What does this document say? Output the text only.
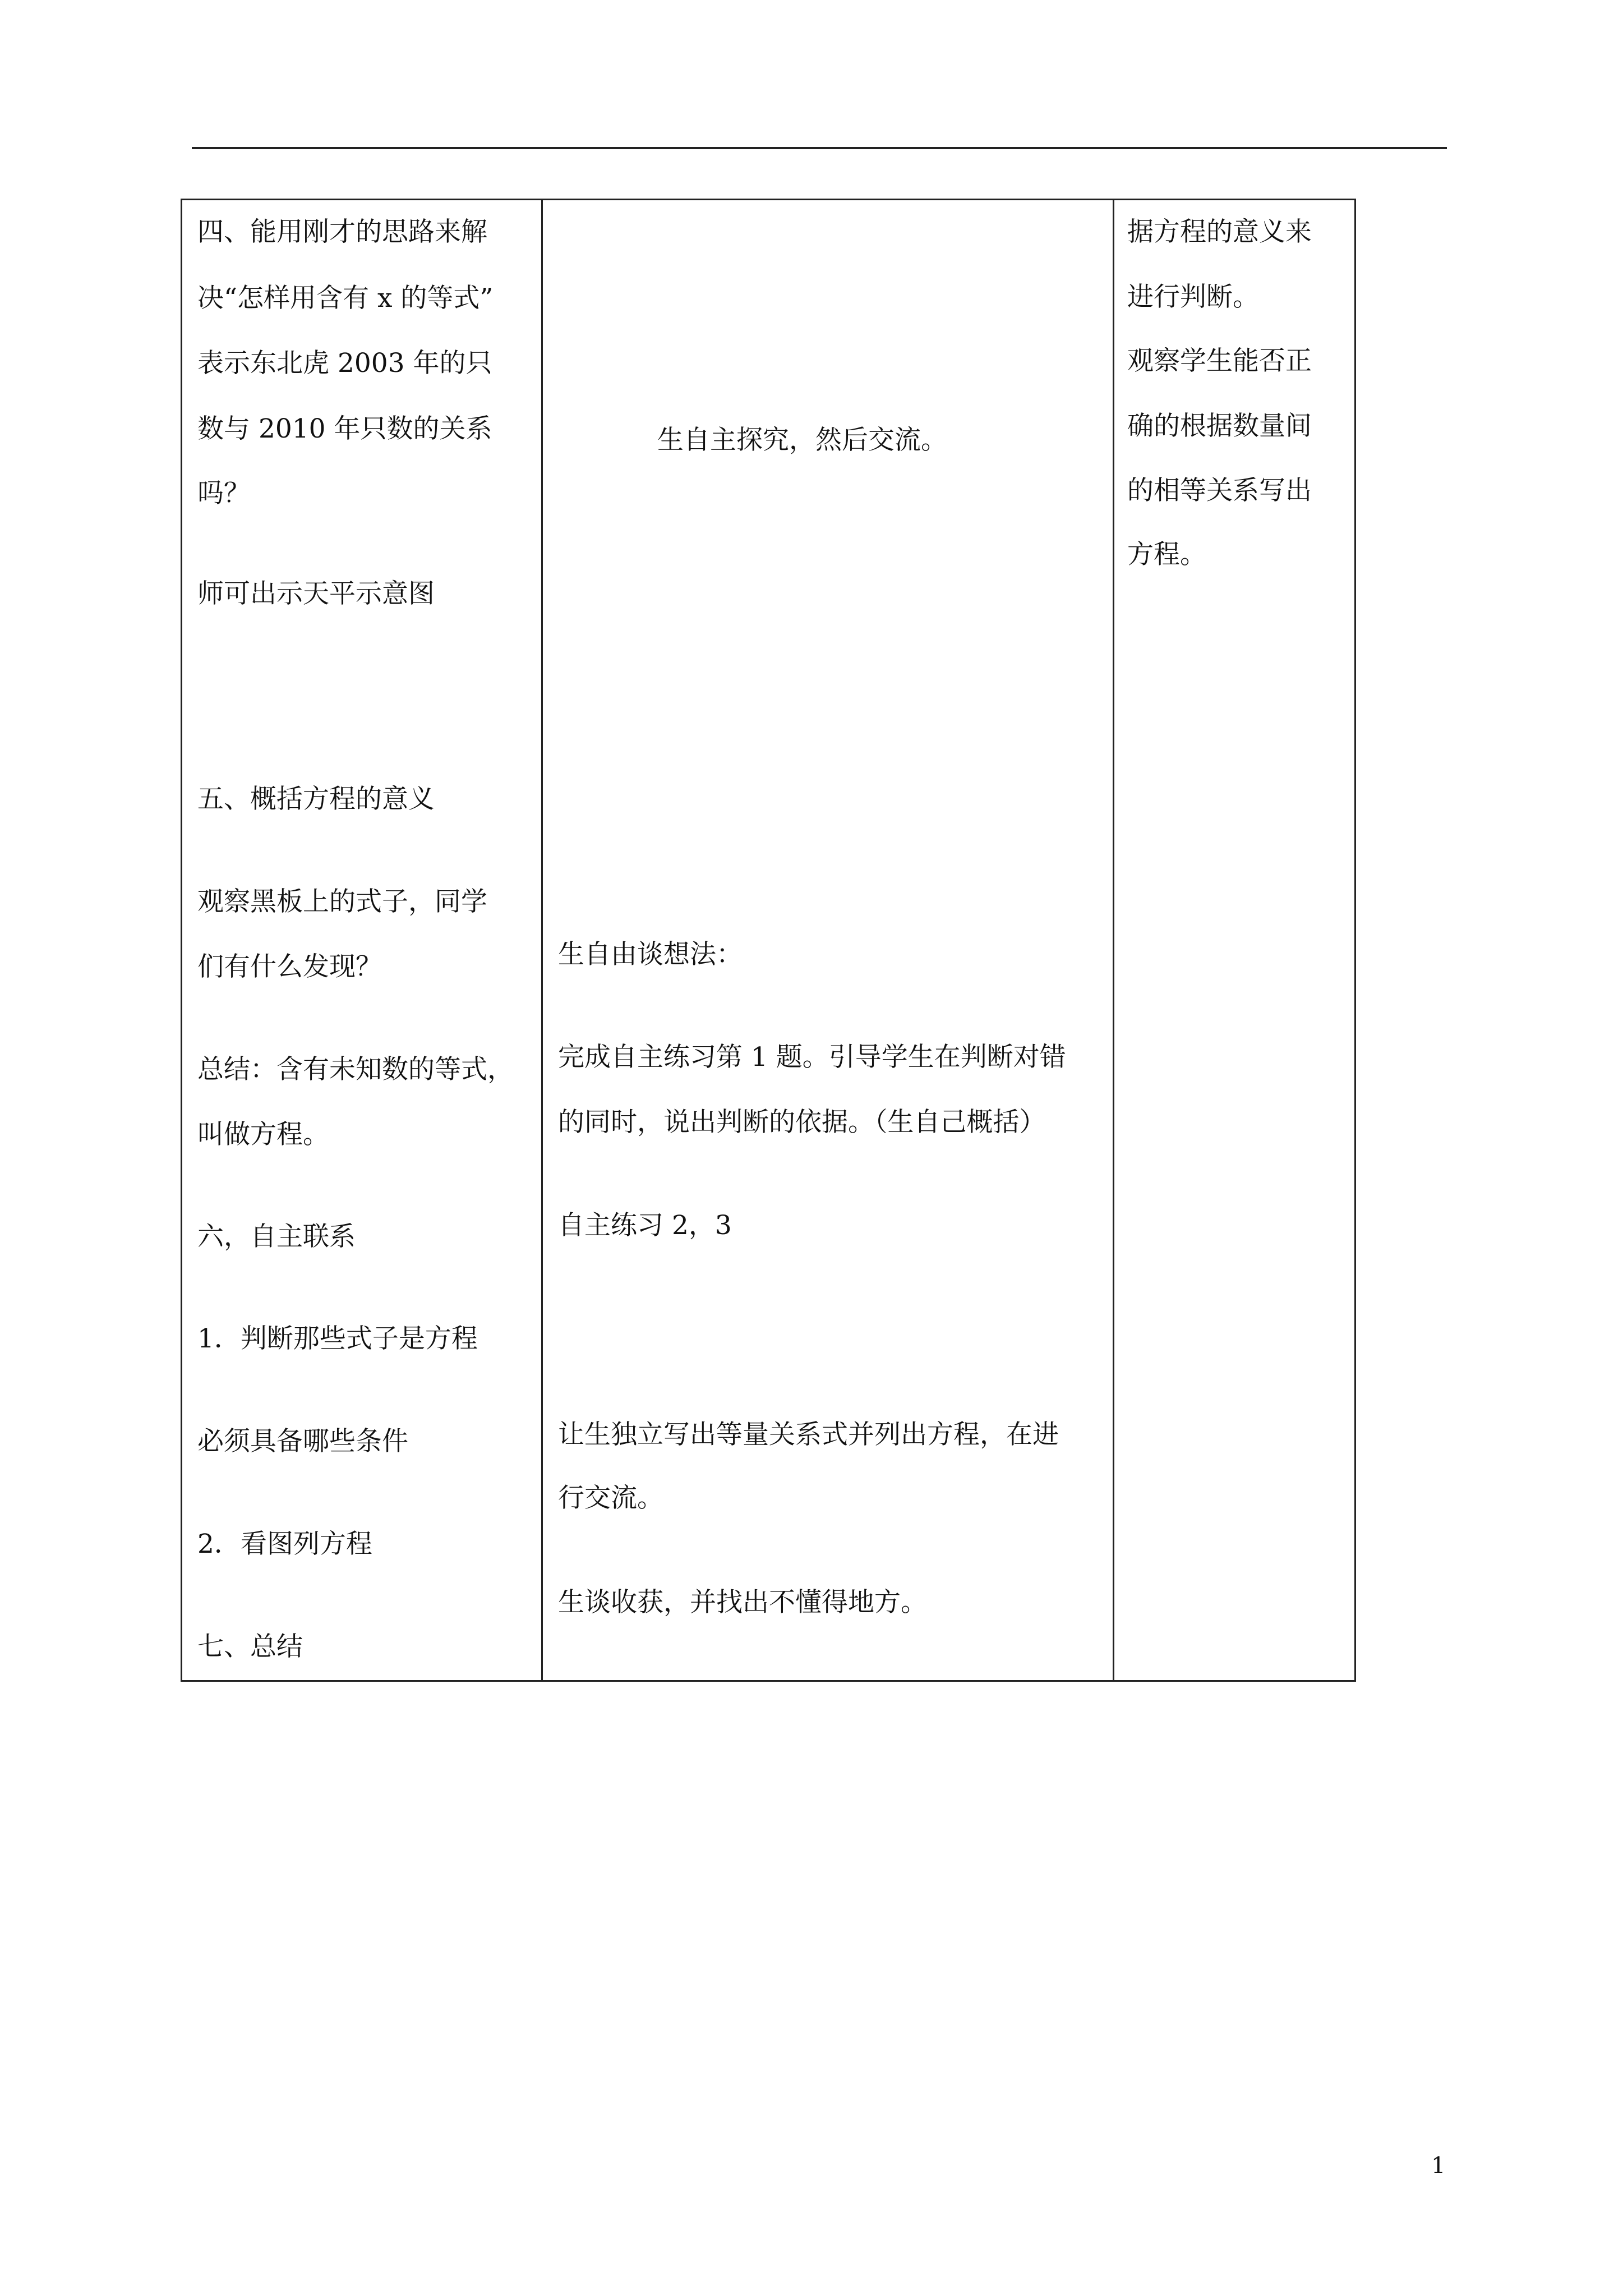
四、能用刚才的思路来解
决“怎样用含有 x 的等式”
表示东北虎 2003 年的只
数与 2010 年只数的关系
吗？
师可出示天平示意图
五、概括方程的意义
观察黑板上的式子，同学
们有什么发现？
总结：含有未知数的等式，
叫做方程。
六，自主联系
1．判断那些式子是方程
必须具备哪些条件
2．看图列方程
七、总结
生自主探究，然后交流。
生自由谈想法：
完成自主练习第 1 题。引导学生在判断对错
的同时，说出判断的依据。（生自己概括）
自主练习 2，3
让生独立写出等量关系式并列出方程，在进
行交流。
生谈收获，并找出不懂得地方。
据方程的意义来
进行判断。
观察学生能否正
确的根据数量间
的相等关系写出
方程。
1
